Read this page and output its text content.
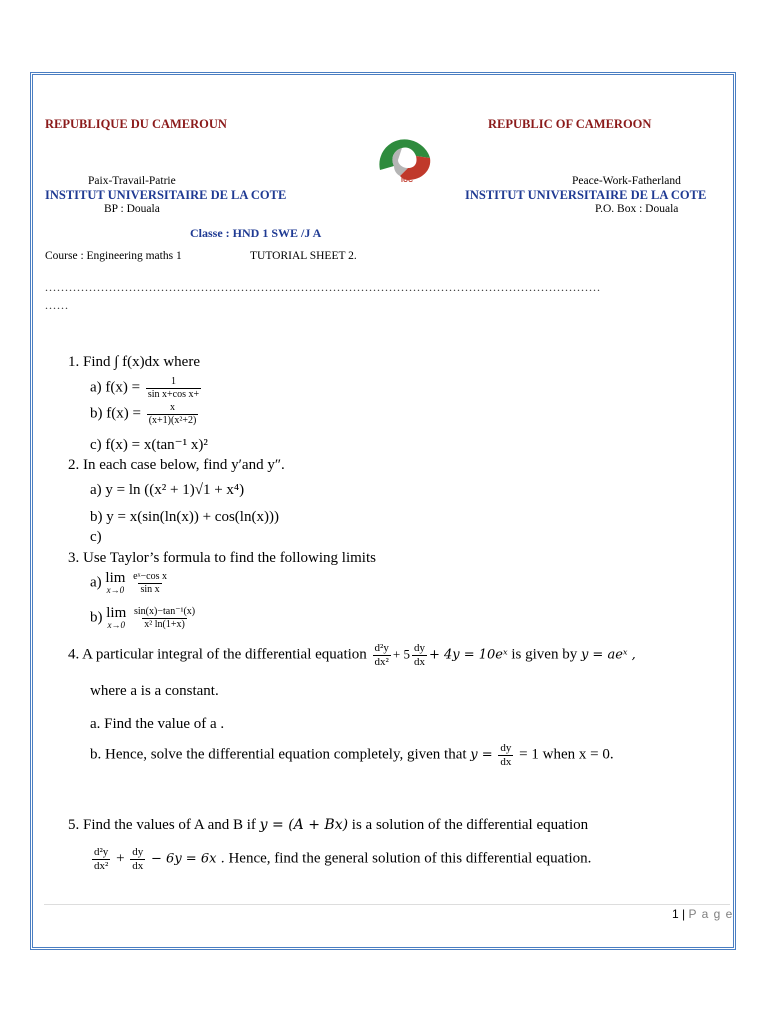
REPUBLIQUE DU CAMEROUN	REPUBLIC OF CAMEROON
IUC
Paix-Travail-Patrie	Peace-Work-Fatherland
INSTITUT UNIVERSITAIRE DE LA COTE	INSTITUT UNIVERSITAIRE DE LA COTE
BP : Douala	P.O. Box : Douala
Classe : HND 1 SWE /J A
Course : Engineering maths 1	TUTORIAL SHEET 2.
...........................................................................................................................................
......
1. Find ∫ f(x)dx where
a) $f(x) = \frac{1}{\text{sin x+cos x+}}$
b) $f(x) = \frac{x}{\text{(x+1)(x²+2)}}$
c) f(x) = x(tan⁻¹ x)²
2. In each case below, find y′and y″.
a) y = ln ((x² + 1)√1 + x⁴)
b) y = x(sin(ln(x)) + cos(ln(x)))
c)
3. Use Taylor’s formula to find the following limits
a) lim
x→0
$\frac{\text{eˣ−cos x}}{\text{sin x}}$
b) lim
x→0
$\frac{\text{sin(x)−tan⁻¹(x)}}{\text{x² ln(1+x)}}$
4. A particular integral of the differential equation $\frac{\text{d²y}}{\text{dx²}} + 5 \frac{dy}{dx} + 4y$ = 10eˣ is given by y = aeˣ ,
where a is a constant.
a. Find the value of a .
b. Hence, solve the differential equation completely, given that $y = \frac{dy}{dx} = 1$ when x = 0.
5. Find the values of A and B if y = (A + Bx) is a solution of the differential equation
$\frac{\text{d²y}}{\text{dx²}} + \frac{dy}{dx} - 6y = 6x$ . Hence, find the general solution of this differential equation.
1 | P a g e
